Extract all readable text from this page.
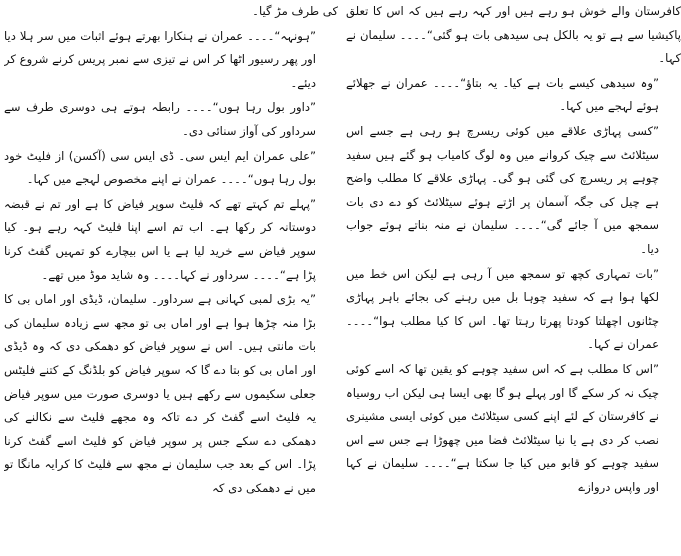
کافرستان والے خوش ہو رہے ہیں اور کہہ رہے ہیں کہ اس کا تعلق پاکیشیا سے ہے تو یہ بالکل ہی سیدھی بات ہو گئی“۔۔۔۔ سلیمان نے کہا۔

”وہ سیدھی کیسے بات ہے کیا۔ یہ بتاؤ“۔۔۔۔ عمران نے جھلائے ہوئے لہجے میں کہا۔

”کسی پہاڑی علاقے میں کوئی ریسرچ ہو رہی ہے جسے اس سیٹلائٹ سے چیک کروانے میں وہ لوگ کامیاب ہو گئے ہیں سفید چوہے پر ریسرچ کی گئی ہو گی۔ پہاڑی علاقے کا مطلب واضح ہے چیل کی جگہ آسمان پر اڑتے ہوئے سیٹلائٹ کو دے دی بات سمجھ میں آ جائے گی“۔۔۔۔ سلیمان نے منہ بناتے ہوئے جواب دیا۔

”بات تمہاری کچھ تو سمجھ میں آ رہی ہے لیکن اس خط میں لکھا ہوا ہے کہ سفید چوہا بل میں رہنے کی بجائے باہر پہاڑی چٹانوں اچھلتا کودتا پھرتا رہتا تھا۔ اس کا کیا مطلب ہوا“۔۔۔۔ عمران نے کہا۔

”اس کا مطلب ہے کہ اس سفید چوہے کو یقین تھا کہ اسے کوئی چیک نہ کر سکے گا اور پہلے ہو گا بھی ایسا ہی لیکن اب روسیاہ نے کافرستان کے لئے اپنے کسی سیٹلائٹ میں کوئی ایسی مشینری نصب کر دی ہے یا نیا سیٹلائٹ فضا میں چھوڑا ہے جس سے اس سفید چوہے کو قابو میں کیا جا سکتا ہے“۔۔۔۔ سلیمان نے کہا اور واپس دروازے

کی طرف مڑ گیا۔

”ہونہہ“۔۔۔۔ عمران نے ہنکارا بھرتے ہوئے اثبات میں سر ہلا دیا اور پھر رسیور اٹھا کر اس نے تیزی سے نمبر پریس کرنے شروع کر دیئے۔

”داور بول رہا ہوں“۔۔۔۔ رابطہ ہوتے ہی دوسری طرف سے سرداور کی آواز سنائی دی۔

”علی عمران ایم ایس سی۔ ڈی ایس سی (آکسن) از فلیٹ خود بول رہا ہوں“۔۔۔۔ عمران نے اپنے مخصوص لہجے میں کہا۔

”پہلے تم کہتے تھے کہ فلیٹ سوپر فیاض کا ہے اور تم نے قبضہ دوستانہ کر رکھا ہے۔ اب تم اسے اپنا فلیٹ کہہ رہے ہو۔ کیا سوپر فیاض سے خرید لیا ہے یا اس بیچارے کو تمہیں گفٹ کرنا پڑا ہے“۔۔۔۔ سرداور نے کہا۔۔۔۔ وہ شاید موڈ میں تھے۔

”یہ بڑی لمبی کہانی ہے سرداور۔ سلیمان، ڈیڈی اور اماں بی کا بڑا منہ چڑھا ہوا ہے اور اماں بی تو مجھ سے زیادہ سلیمان کی بات مانتی ہیں۔ اس نے سوپر فیاض کو دھمکی دی کہ وہ ڈیڈی اور اماں بی کو بتا دے گا کہ سوپر فیاض کو بلڈنگ کے کتنے فلیٹس جعلی سکیموں سے رکھے ہیں یا دوسری صورت میں سوپر فیاض یہ فلیٹ اسے گفٹ کر دے تاکہ وہ مجھے فلیٹ سے نکالنے کی دھمکی دے سکے جس پر سوپر فیاض کو فلیٹ اسے گفٹ کرنا پڑا۔ اس کے بعد جب سلیمان نے مجھ سے فلیٹ کا کرایہ مانگا تو میں نے دھمکی دی کہ
